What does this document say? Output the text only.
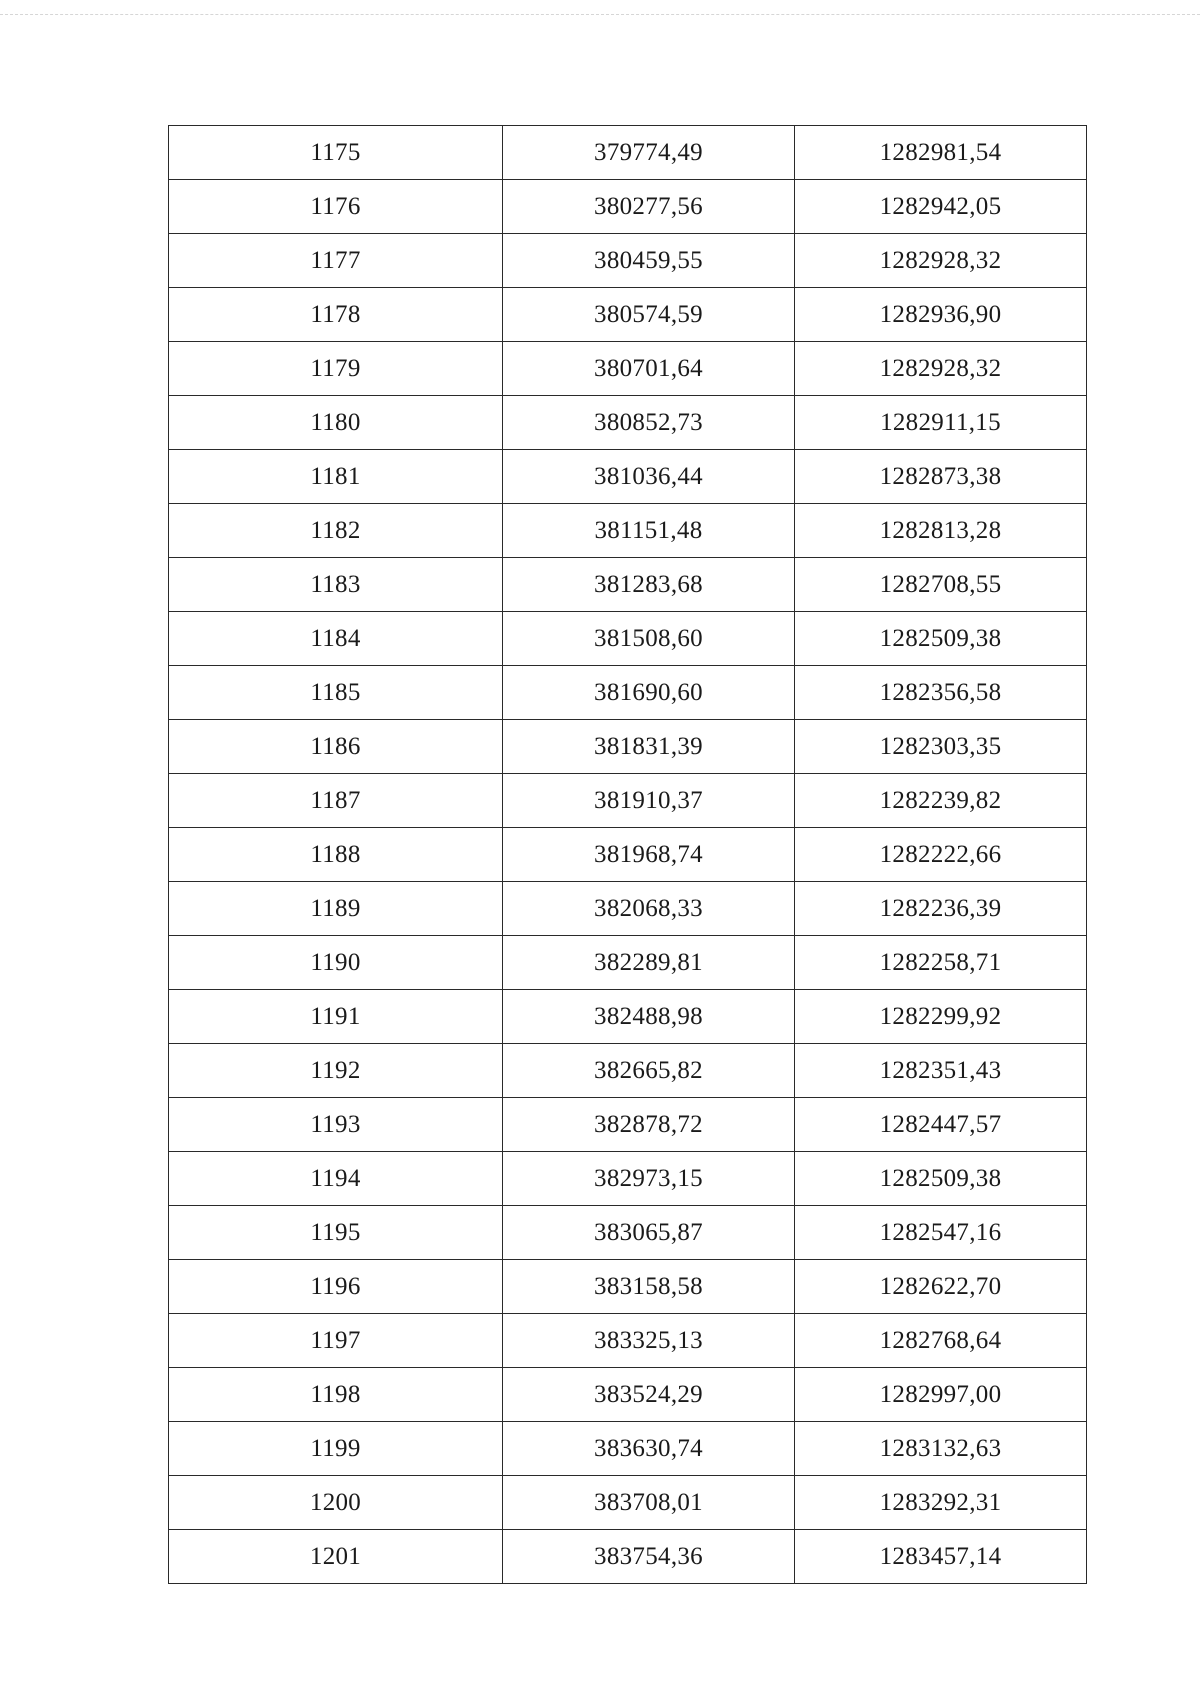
1175	379774,49	1282981,54
1176	380277,56	1282942,05
1177	380459,55	1282928,32
1178	380574,59	1282936,90
1179	380701,64	1282928,32
1180	380852,73	1282911,15
1181	381036,44	1282873,38
1182	381151,48	1282813,28
1183	381283,68	1282708,55
1184	381508,60	1282509,38
1185	381690,60	1282356,58
1186	381831,39	1282303,35
1187	381910,37	1282239,82
1188	381968,74	1282222,66
1189	382068,33	1282236,39
1190	382289,81	1282258,71
1191	382488,98	1282299,92
1192	382665,82	1282351,43
1193	382878,72	1282447,57
1194	382973,15	1282509,38
1195	383065,87	1282547,16
1196	383158,58	1282622,70
1197	383325,13	1282768,64
1198	383524,29	1282997,00
1199	383630,74	1283132,63
1200	383708,01	1283292,31
1201	383754,36	1283457,14
